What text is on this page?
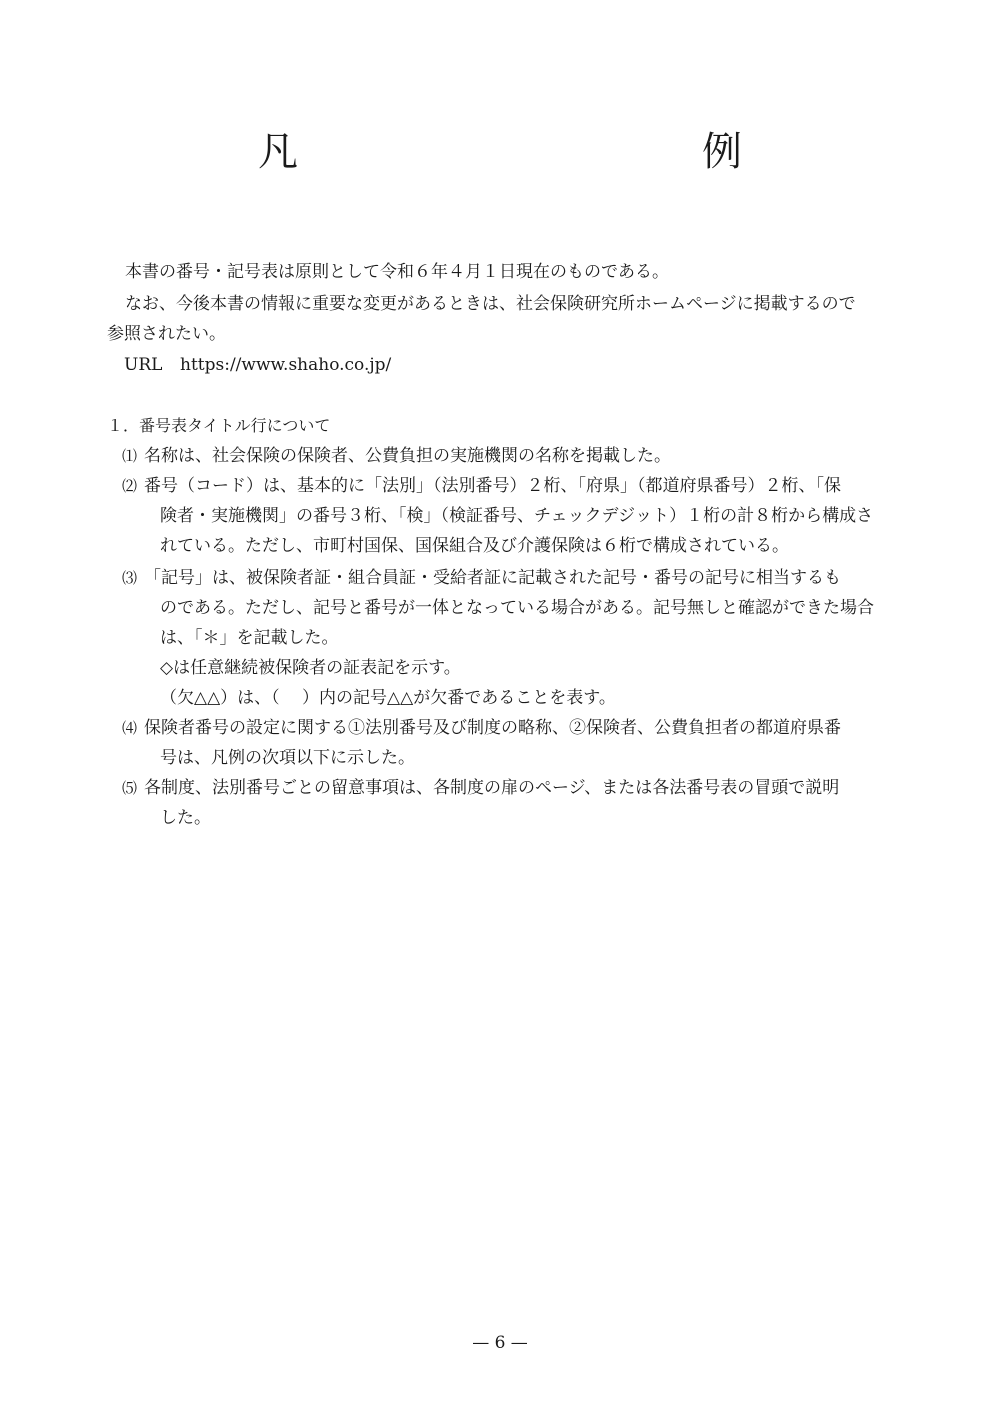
凡　　例
本書の番号・記号表は原則として令和６年４月１日現在のものである。
なお、今後本書の情報に重要な変更があるときは、社会保険研究所ホームページに掲載するので
参照されたい。
URL https://www.shaho.co.jp/
１．番号表タイトル行について
⑴ 名称は、社会保険の保険者、公費負担の実施機関の名称を掲載した。
⑵ 番号（コード）は、基本的に「法別」（法別番号）２桁、「府県」（都道府県番号）２桁、「保
険者・実施機関」の番号３桁、「検」（検証番号、チェックデジット）１桁の計８桁から構成さ
れている。ただし、市町村国保、国保組合及び介護保険は６桁で構成されている。
⑶ 「記号」は、被保険者証・組合員証・受給者証に記載された記号・番号の記号に相当するも
のである。ただし、記号と番号が一体となっている場合がある。記号無しと確認ができた場合
は、「＊」を記載した。
◇は任意継続被保険者の証表記を示す。
（欠△△）は、（　 ）内の記号△△が欠番であることを表す。
⑷ 保険者番号の設定に関する①法別番号及び制度の略称、②保険者、公費負担者の都道府県番
号は、凡例の次項以下に示した。
⑸ 各制度、法別番号ごとの留意事項は、各制度の扉のページ、または各法番号表の冒頭で説明
した。
— 6 —
